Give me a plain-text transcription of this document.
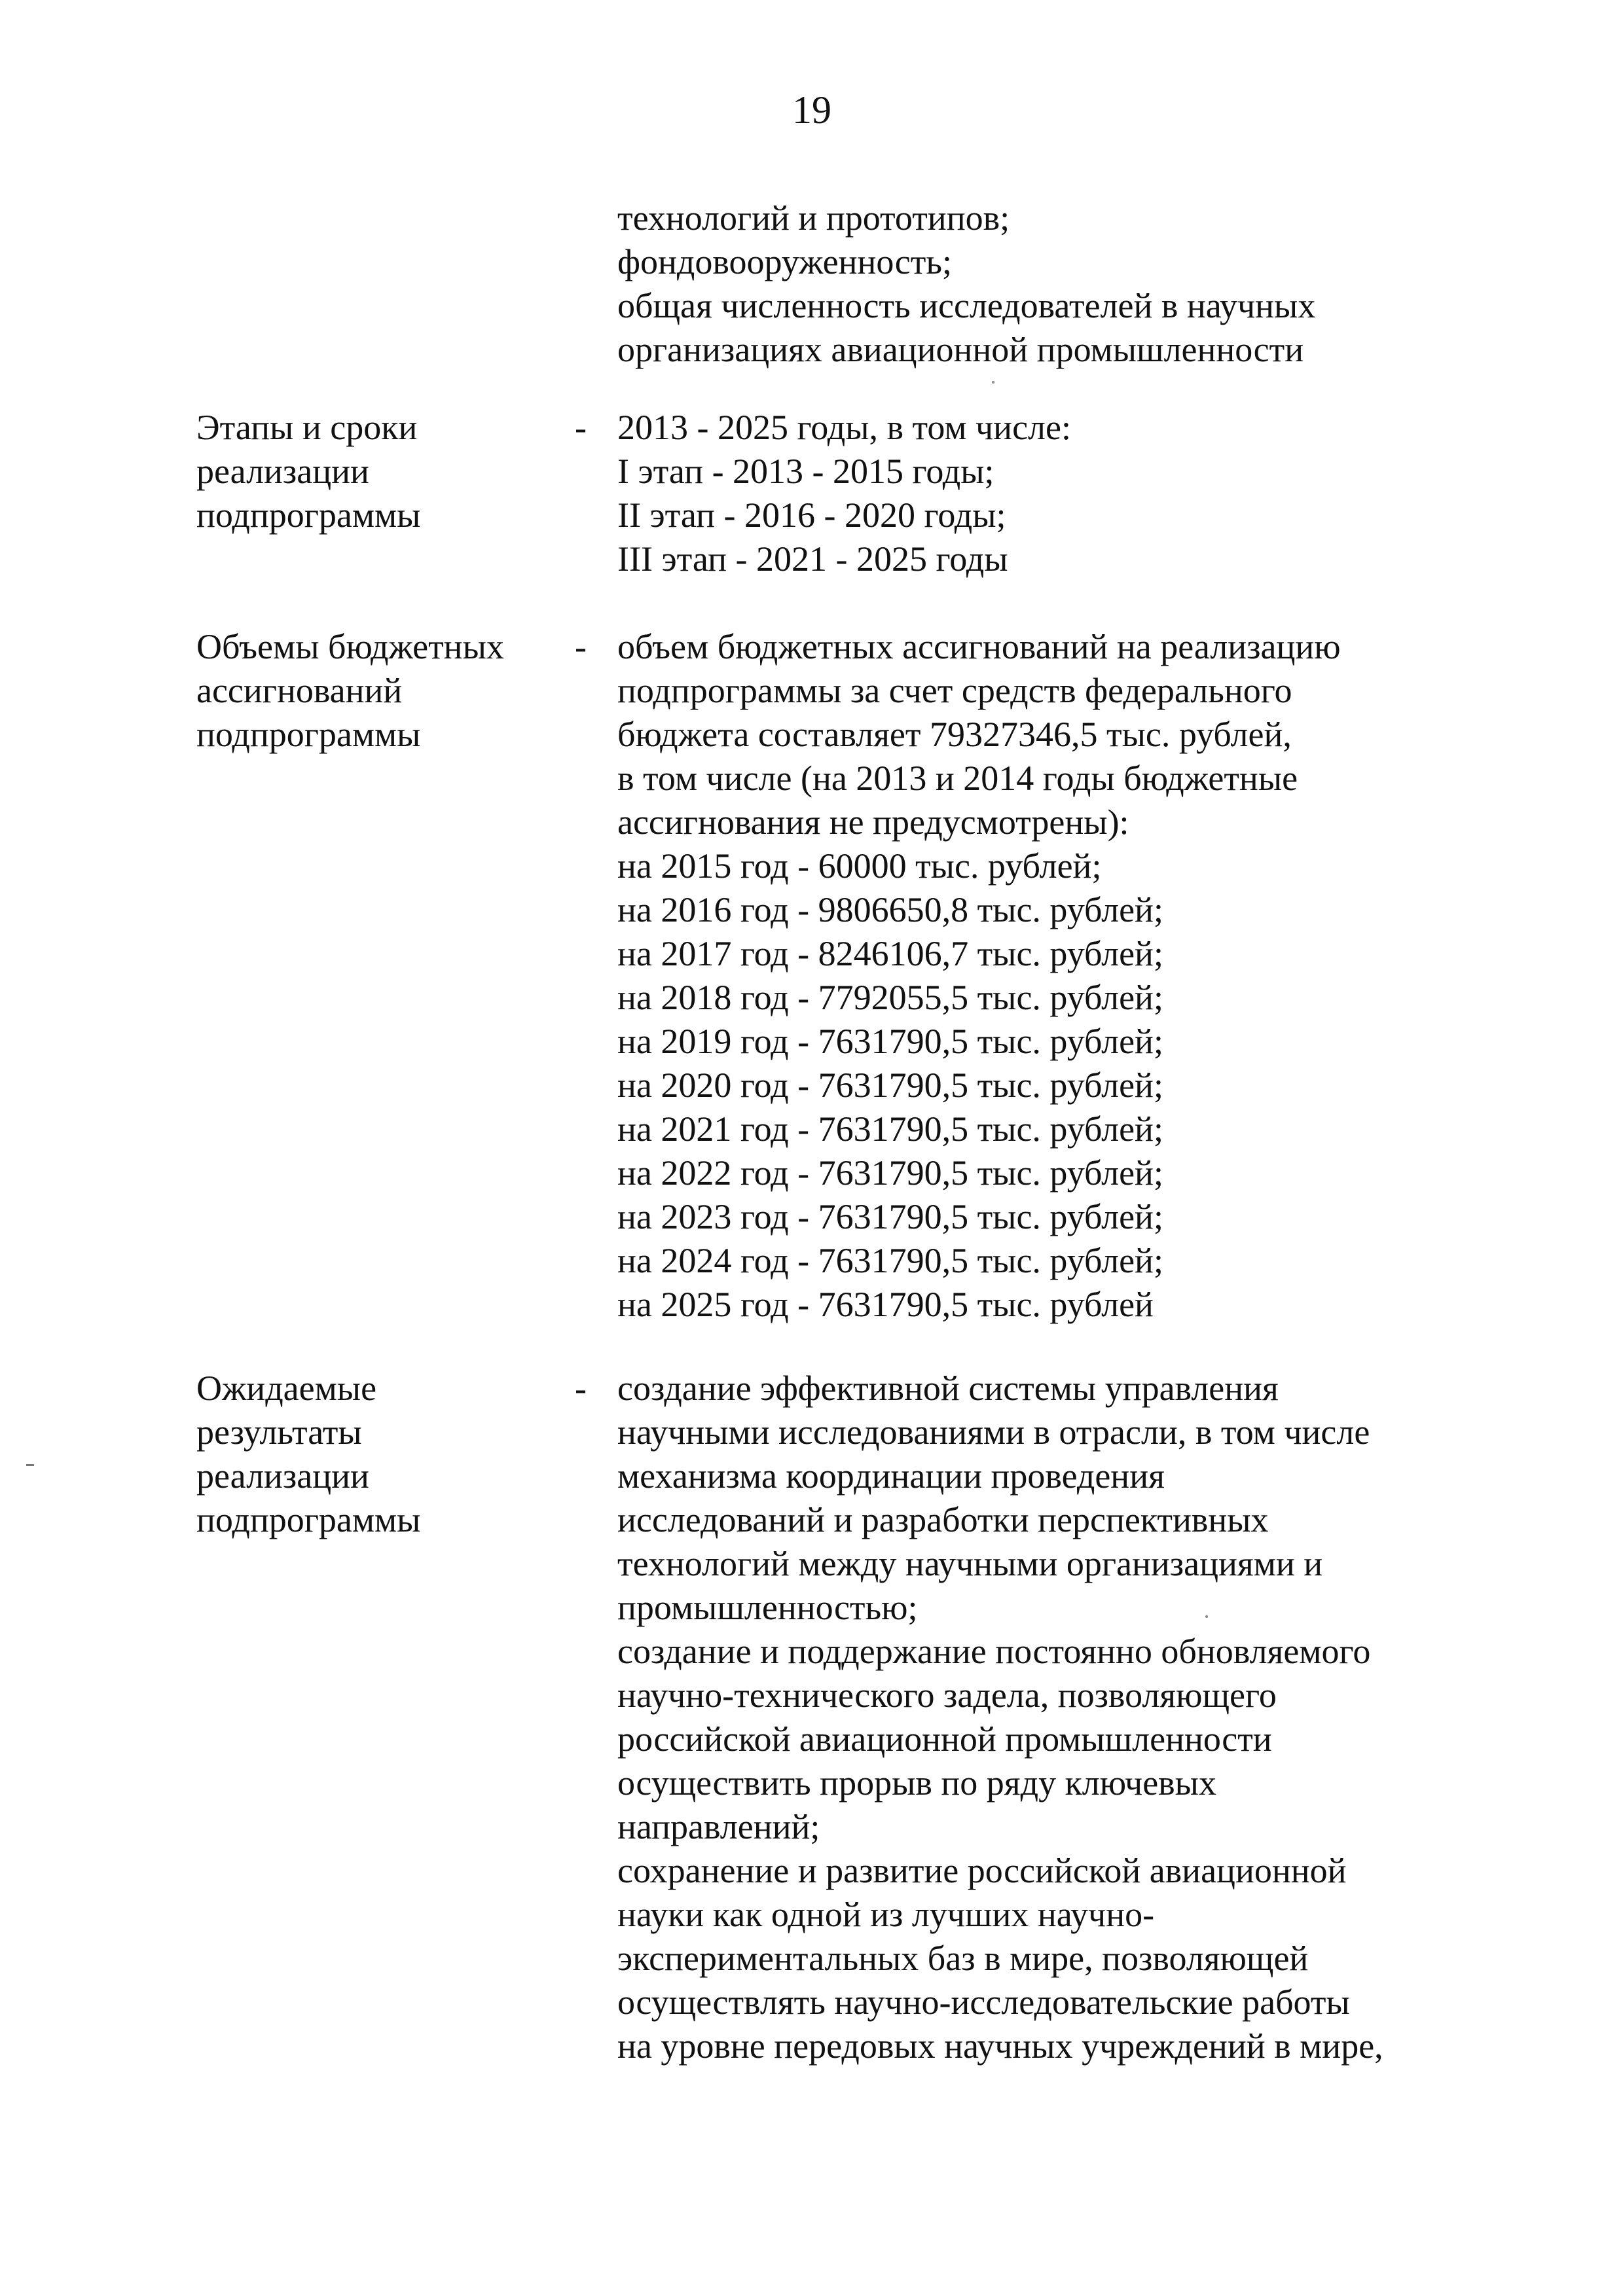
19
технологий и прототипов;
фондовооруженность;
общая численность исследователей в научных
организациях авиационной промышленности
Этапы и сроки
реализации
подпрограммы
- 2013 - 2025 годы, в том числе:
I этап - 2013 - 2015 годы;
II этап - 2016 - 2020 годы;
III этап - 2021 - 2025 годы
Объемы бюджетных
ассигнований
подпрограммы
- объем бюджетных ассигнований на реализацию
подпрограммы за счет средств федерального
бюджета составляет 79327346,5 тыс. рублей,
в том числе (на 2013 и 2014 годы бюджетные
ассигнования не предусмотрены):
на 2015 год - 60000 тыс. рублей;
на 2016 год - 9806650,8 тыс. рублей;
на 2017 год - 8246106,7 тыс. рублей;
на 2018 год - 7792055,5 тыс. рублей;
на 2019 год - 7631790,5 тыс. рублей;
на 2020 год - 7631790,5 тыс. рублей;
на 2021 год - 7631790,5 тыс. рублей;
на 2022 год - 7631790,5 тыс. рублей;
на 2023 год - 7631790,5 тыс. рублей;
на 2024 год - 7631790,5 тыс. рублей;
на 2025 год - 7631790,5 тыс. рублей
Ожидаемые
результаты
реализации
подпрограммы
- создание эффективной системы управления
научными исследованиями в отрасли, в том числе
механизма координации проведения
исследований и разработки перспективных
технологий между научными организациями и
промышленностью;
создание и поддержание постоянно обновляемого
научно-технического задела, позволяющего
российской авиационной промышленности
осуществить прорыв по ряду ключевых
направлений;
сохранение и развитие российской авиационной
науки как одной из лучших научно-
экспериментальных баз в мире, позволяющей
осуществлять научно-исследовательские работы
на уровне передовых научных учреждений в мире,
